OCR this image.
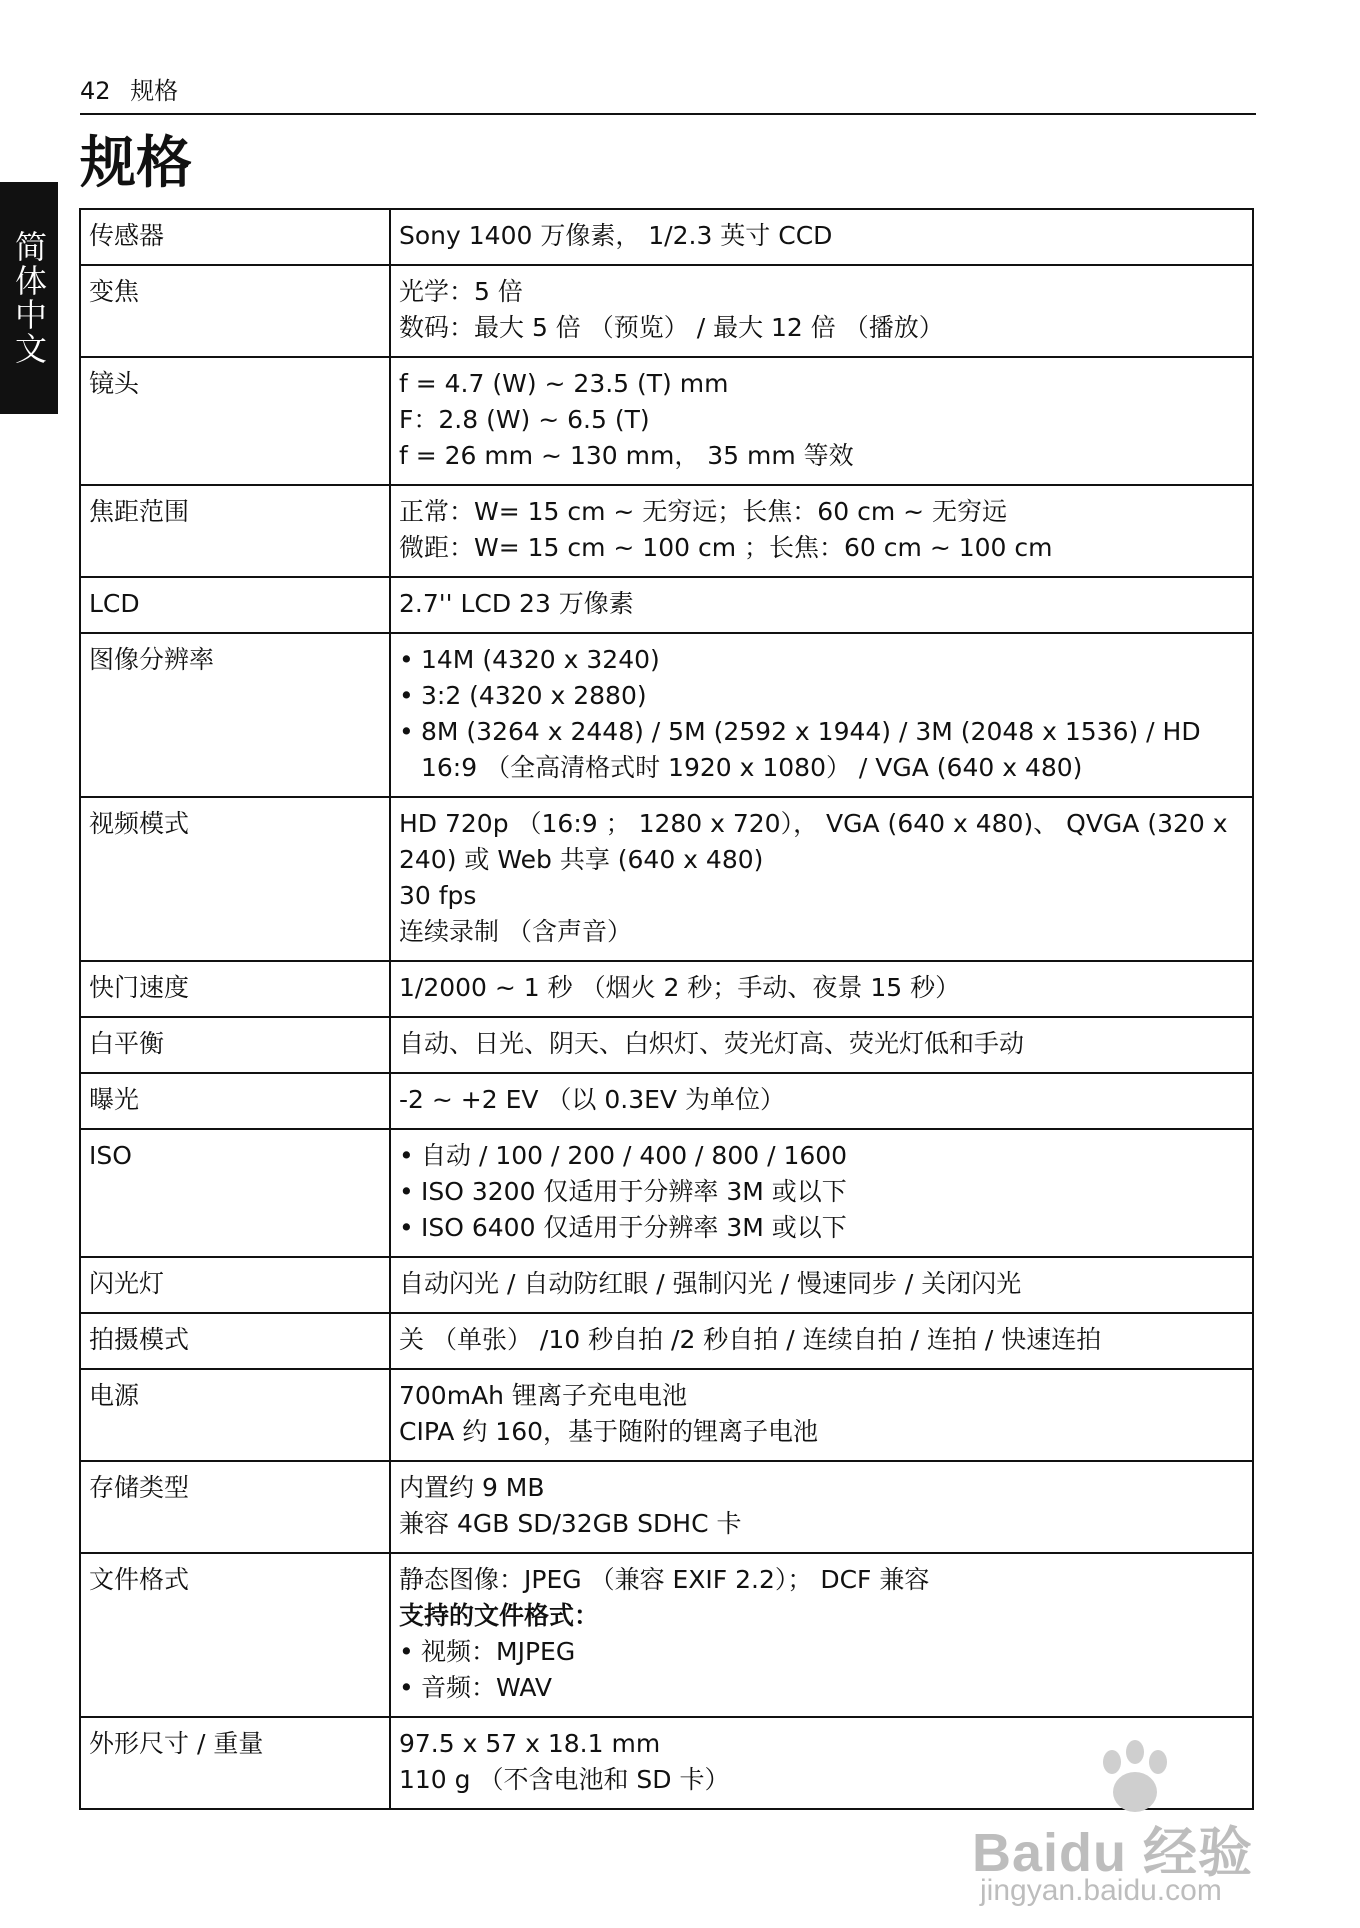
42 规格
规格
简体中文 传感器	Sony 1400 万像素， 1/2.3 英寸 CCD

变焦	光学：5 倍
数码：最大 5 倍 （预览） / 最大 12 倍 （播放）

镜头	f = 4.7 (W) ~ 23.5 (T) mm
F：2.8 (W) ~ 6.5 (T)
f = 26 mm ~ 130 mm， 35 mm 等效

焦距范围	正常：W= 15 cm ~ 无穷远；长焦：60 cm ~ 无穷远
微距：W= 15 cm ~ 100 cm ；长焦：60 cm ~ 100 cm

LCD	2.7'' LCD 23 万像素

图像分辨率	• 14M (4320 x 3240)
• 3:2 (4320 x 2880)
• 8M (3264 x 2448) / 5M (2592 x 1944) / 3M (2048 x 1536) / HD 16:9 （全高清格式时 1920 x 1080） / VGA (640 x 480)

视频模式	HD 720p （16:9 ； 1280 x 720）， VGA (640 x 480)、 QVGA (320 x 240) 或 Web 共享 (640 x 480)
30 fps
连续录制 （含声音）

快门速度	1/2000 ~ 1 秒 （烟火 2 秒；手动、夜景 15 秒）

白平衡	自动、日光、阴天、白炽灯、荧光灯高、荧光灯低和手动

曝光	-2 ~ +2 EV （以 0.3EV 为单位）

ISO	• 自动 / 100 / 200 / 400 / 800 / 1600
• ISO 3200 仅适用于分辨率 3M 或以下
• ISO 6400 仅适用于分辨率 3M 或以下

闪光灯	自动闪光 / 自动防红眼 / 强制闪光 / 慢速同步 / 关闭闪光

拍摄模式	关 （单张） /10 秒自拍 /2 秒自拍 / 连续自拍 / 连拍 / 快速连拍

电源	700mAh 锂离子充电电池
CIPA 约 160，基于随附的锂离子电池

存储类型	内置约 9 MB
兼容 4GB SD/32GB SDHC 卡

文件格式	静态图像：JPEG （兼容 EXIF 2.2）； DCF 兼容
支持的文件格式：
• 视频：MJPEG
• 音频：WAV

外形尺寸 / 重量	97.5 x 57 x 18.1 mm
110 g （不含电池和 SD 卡）
Baidu 经验
jingyan.baidu.com
